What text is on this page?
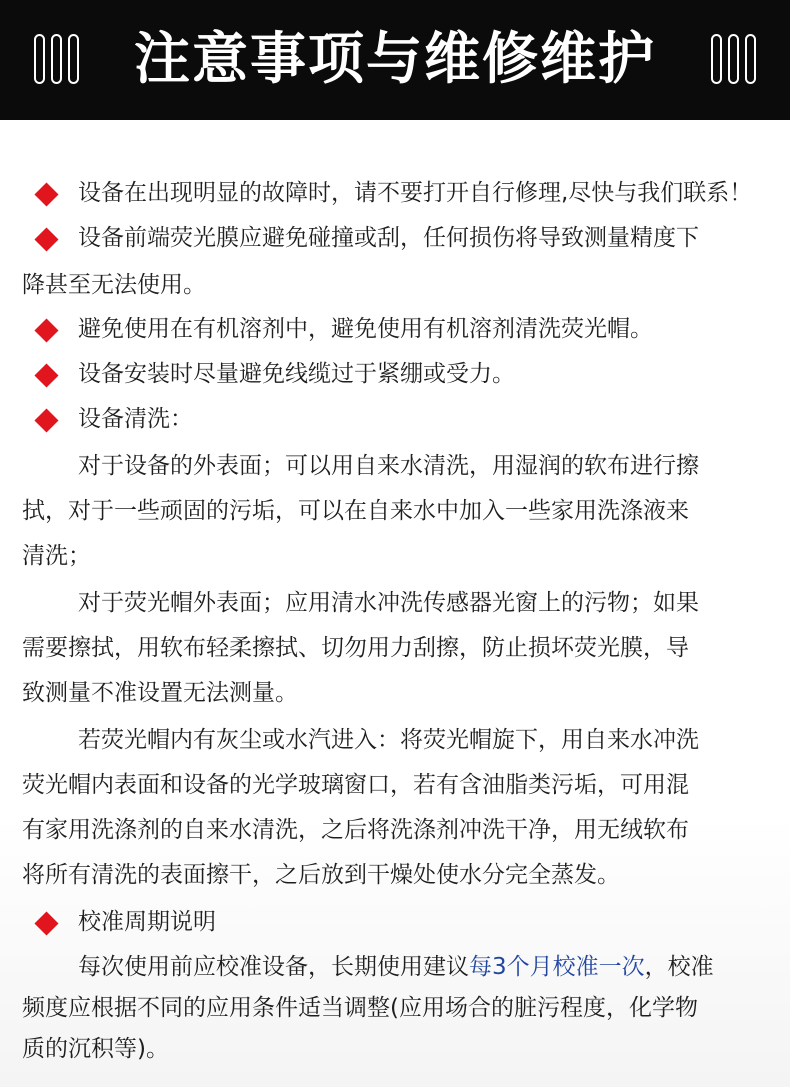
注意事项与维修维护
设备在出现明显的故障时，请不要打开自行修理,尽快与我们联系！
设备前端荧光膜应避免碰撞或刮，任何损伤将导致测量精度下
降甚至无法使用。
避免使用在有机溶剂中，避免使用有机溶剂清洗荧光帽。
设备安装时尽量避免线缆过于紧绷或受力。
设备清洗：
对于设备的外表面；可以用自来水清洗，用湿润的软布进行擦
拭，对于一些顽固的污垢，可以在自来水中加入一些家用洗涤液来
清洗；
对于荧光帽外表面；应用清水冲洗传感器光窗上的污物；如果
需要擦拭，用软布轻柔擦拭、切勿用力刮擦，防止损坏荧光膜，导
致测量不准设置无法测量。
若荧光帽内有灰尘或水汽进入：将荧光帽旋下，用自来水冲洗
荧光帽内表面和设备的光学玻璃窗口，若有含油脂类污垢，可用混
有家用洗涤剂的自来水清洗，之后将洗涤剂冲洗干净，用无绒软布
将所有清洗的表面擦干，之后放到干燥处使水分完全蒸发。
校准周期说明
每次使用前应校准设备，长期使用建议每3个月校准一次，校准
频度应根据不同的应用条件适当调整(应用场合的脏污程度，化学物
质的沉积等)。
